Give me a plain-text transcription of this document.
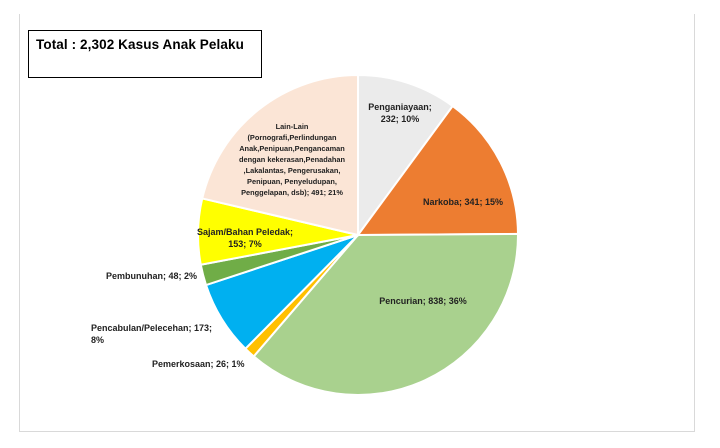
Total : 2,302 Kasus Anak Pelaku
Penganiayaan; 232; 10%
Narkoba; 341; 15%
Pencurian; 838; 36%
Pemerkosaan; 26; 1%
Pencabulan/Pelecehan; 173; 8%
Pembunuhan; 48; 2%
Sajam/Bahan Peledak; 153; 7%
Lain-Lain (Pornografi,Perlindungan Anak,Penipuan,Pengancaman dengan kekerasan,Penadahan ,Lakalantas, Pengerusakan, Penipuan, Penyeludupan, Penggelapan, dsb); 491; 21%
